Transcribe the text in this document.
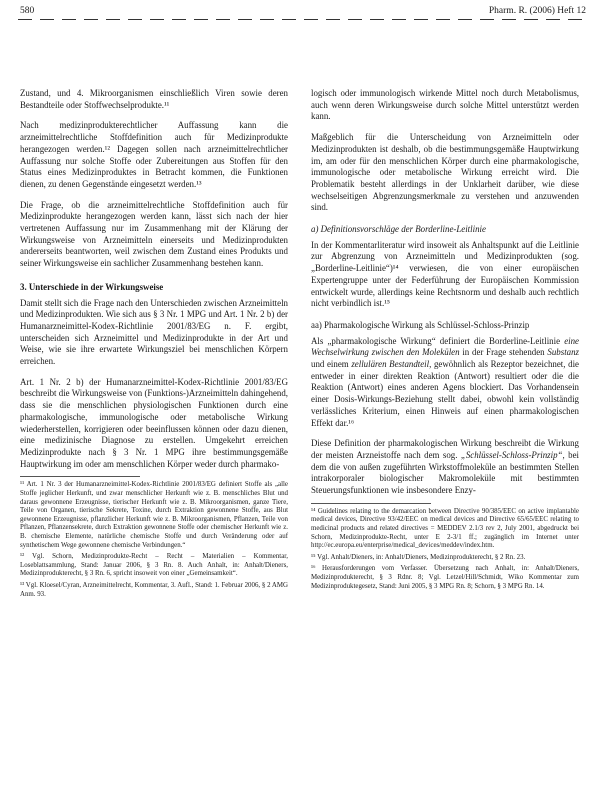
580	Pharm. R. (2006) Heft 12

Zustand, und 4. Mikroorganismen einschließlich Viren sowie deren Bestandteile oder Stoffwechselprodukte.¹¹

Nach medizinprodukterechtlicher Auffassung kann die arzneimittelrechtliche Stoffdefinition auch für Medizinprodukte herangezogen werden.¹² Dagegen sollen nach arzneimittelrechtlicher Auffassung nur solche Stoffe oder Zubereitungen aus Stoffen für den Status eines Medizinproduktes in Betracht kommen, die Funktionen dienen, zu denen Gegenstände eingesetzt werden.¹³

Die Frage, ob die arzneimittelrechtliche Stoffdefinition auch für Medizinprodukte herangezogen werden kann, lässt sich nach der hier vertretenen Auffassung nur im Zusammenhang mit der Klärung der Wirkungsweise von Arzneimitteln einerseits und Medizinprodukten andererseits beantworten, weil zwischen dem Zustand eines Produkts und seiner Wirkungsweise ein sachlicher Zusammenhang bestehen kann.

3. Unterschiede in der Wirkungsweise

Damit stellt sich die Frage nach den Unterschieden zwischen Arzneimitteln und Medizinprodukten. Wie sich aus § 3 Nr. 1 MPG und Art. 1 Nr. 2 b) der Humanarzneimittel-Kodex-Richtlinie 2001/83/EG n. F. ergibt, unterscheiden sich Arzneimittel und Medizinprodukte in der Art und Weise, wie sie ihre erwartete Wirkungsziel bei menschlichen Körpern erreichen.

Art. 1 Nr. 2 b) der Humanarzneimittel-Kodex-Richtlinie 2001/83/EG beschreibt die Wirkungsweise von (Funktions-)Arzneimitteln dahingehend, dass sie die menschlichen physiologischen Funktionen durch eine pharmakologische, immunologische oder metabolische Wirkung wiederherstellen, korrigieren oder beeinflussen können oder dazu dienen, eine medizinische Diagnose zu erstellen. Umgekehrt erreichen Medizinprodukte nach § 3 Nr. 1 MPG ihre bestimmungsgemäße Hauptwirkung im oder am menschlichen Körper weder durch pharmako-

¹¹ Art. 1 Nr. 3 der Humanarzneimittel-Kodex-Richtlinie 2001/83/EG definiert Stoffe als „alle Stoffe jeglicher Herkunft, und zwar menschlicher Herkunft wie z. B. menschliches Blut und daraus gewonnene Erzeugnisse, tierischer Herkunft wie z. B. Mikroorganismen, ganze Tiere, Teile von Organen, tierische Sekrete, Toxine, durch Extraktion gewonnene Stoffe, aus Blut gewonnene Erzeugnisse, pflanzlicher Herkunft wie z. B. Mikroorganismen, Pflanzen, Teile von Pflanzen, Pflanzensekrete, durch Extraktion gewonnene Stoffe oder chemischer Herkunft wie z. B. chemische Elemente, natürliche chemische Stoffe und durch Veränderung oder auf synthetischem Wege gewonnene chemische Verbindungen.“

¹² Vgl. Schorn, Medizinprodukte-Recht – Recht – Materialien – Kommentar, Loseblattsammlung, Stand: Januar 2006, § 3 Rn. 8. Auch Anhalt, in: Anhalt/Dieners, Medizinprodukterecht, § 3 Rn. 6, spricht insoweit von einer „Gemeinsamkeit“.

¹³ Vgl. Kloesel/Cyran, Arzneimittelrecht, Kommentar, 3. Aufl., Stand: 1. Februar 2006, § 2 AMG Anm. 93.

logisch oder immunologisch wirkende Mittel noch durch Metabolismus, auch wenn deren Wirkungsweise durch solche Mittel unterstützt werden kann.

Maßgeblich für die Unterscheidung von Arzneimitteln oder Medizinprodukten ist deshalb, ob die bestimmungsgemäße Hauptwirkung im, am oder für den menschlichen Körper durch eine pharmakologische, immunologische oder metabolische Wirkung erreicht wird. Die Problematik besteht allerdings in der Unklarheit darüber, wie diese wechselseitigen Abgrenzungsmerkmale zu verstehen und anzuwenden sind.

a) Definitionsvorschläge der Borderline-Leitlinie

In der Kommentarliteratur wird insoweit als Anhaltspunkt auf die Leitlinie zur Abgrenzung von Arzneimitteln und Medizinprodukten (sog. „Borderline-Leitlinie“)¹⁴ verwiesen, die von einer europäischen Expertengruppe unter der Federführung der Europäischen Kommission entwickelt wurde, allerdings keine Rechtsnorm und deshalb auch rechtlich nicht verbindlich ist.¹⁵

aa) Pharmakologische Wirkung als Schlüssel-Schloss-Prinzip

Als „pharmakologische Wirkung“ definiert die Borderline-Leitlinie eine Wechselwirkung zwischen den Molekülen in der Frage stehenden Substanz und einem zellulären Bestandteil, gewöhnlich als Rezeptor bezeichnet, die entweder in einer direkten Reaktion (Antwort) resultiert oder die die Reaktion (Antwort) eines anderen Agens blockiert. Das Vorhandensein einer Dosis-Wirkungs-Beziehung stellt dabei, obwohl kein vollständig verlässliches Kriterium, einen Hinweis auf einen pharmakologischen Effekt dar.¹⁶

Diese Definition der pharmakologischen Wirkung beschreibt die Wirkung der meisten Arzneistoffe nach dem sog. „Schlüssel-Schloss-Prinzip“, bei dem die von außen zugeführten Wirkstoffmoleküle an bestimmten Stellen intrakorporaler biologischer Makromoleküle mit bestimmten Steuerungsfunktionen wie insbesondere Enzy-

¹⁴ Guidelines relating to the demarcation between Directive 90/385/EEC on active implantable medical devices, Directive 93/42/EEC on medical devices and Directive 65/65/EEC relating to medicinal products and related directives = MEDDEV 2.1/3 rev 2, July 2001, abgedruckt bei Schorn, Medizinprodukte-Recht, unter E 2-3/1 ff.; zugänglich im Internet unter http://ec.europa.eu/enterprise/medical_devices/meddev/index.htm.

¹⁵ Vgl. Anhalt/Dieners, in: Anhalt/Dieners, Medizinprodukterecht, § 2 Rn. 23.

¹⁶ Herausforderungen vom Verfasser. Übersetzung nach Anhalt, in: Anhalt/Dieners, Medizinprodukterecht, § 3 Rdnr. 8; Vgl. Letzel/Hill/Schmidt, Wiko Kommentar zum Medizinproduktegesetz, Stand: Juni 2005, § 3 MPG Rn. 8; Schorn, § 3 MPG Rn. 14.
